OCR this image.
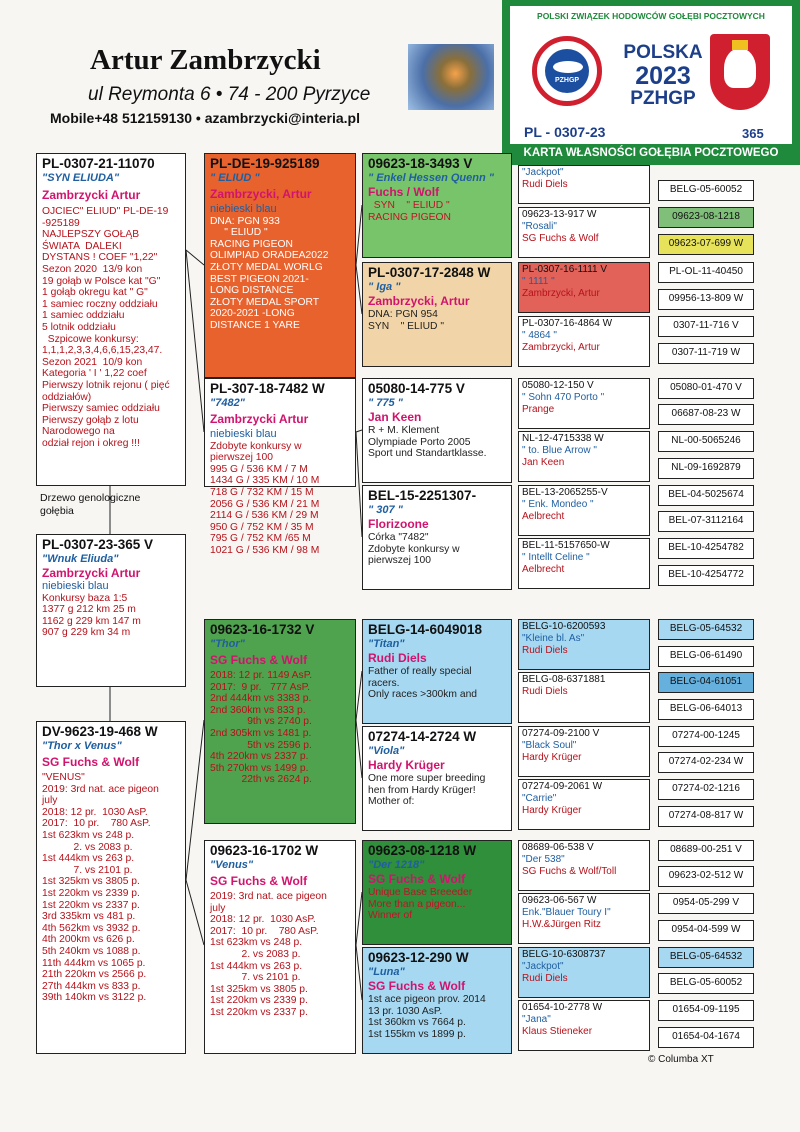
Artur Zambrzycki
ul Reymonta 6 • 74 - 200 Pyrzyce
Mobile+48 512159130 • azambrzycki@interia.pl
POLSKI ZWIĄZEK HODOWCÓW GOŁĘBI POCZTOWYCH
PZHGP
POLSKA
2023
PZHGP
PL - 0307-23	365
KARTA WŁASNOŚCI GOŁĘBIA POCZTOWEGO
PL-0307-23-365 V
"Wnuk Eliuda"
Zambrzycki Artur
niebieski blau
Konkursy baza 1:5
1377 g 212 km 25 m
1162 g 229 km 147 m
907 g 229 km 34 m
Drzewo genologiczne gołębia
PL-0307-21-11070
"SYN ELIUDA"
Zambrzycki Artur
OJCIEC" ELIUD" PL-DE-19
-925189
NAJLEPSZY GOŁĄB
ŚWIATA  DALEKI
DYSTANS ! COEF "1,22"
Sezon 2020  13/9 kon
19 gołąb w Polsce kat "G"
1 gołąb okregu kat " G"
1 samiec roczny oddziału
1 samiec oddziału
5 lotnik oddziału
Szpicowe konkursy:
1,1,1,2,3,3,4,6,6,15,23,47.
Sezon 2021  10/9 kon
Kategoria ' I ' 1,22 coef
Pierwszy lotnik rejonu ( pięć
oddziałów)
Pierwszy samiec oddziału
Pierwszy gołąb z lotu
Narodowego na
odział rejon i okreg !!!
DV-9623-19-468 W
"Thor x Venus"
SG Fuchs & Wolf
"VENUS"
2019: 3rd nat. ace pigeon
july
2018: 12 pr.  1030 AsP.
2017:  10 pr.    780 AsP.
1st 623km vs 248 p.
2. vs 2083 p.
1st 444km vs 263 p.
7. vs 2101 p.
1st 325km vs 3805 p.
1st 220km vs 2339 p.
1st 220km vs 2337 p.
3rd 335km vs 481 p.
4th 562km vs 3932 p.
4th 200km vs 626 p.
5th 240km vs 1088 p.
11th 444km vs 1065 p.
21th 220km vs 2566 p.
27th 444km vs 833 p.
39th 140km vs 3122 p.
PL-DE-19-925189
" ELIUD "
Zambrzycki, Artur
niebieski blau
DNA: PGN 933
" ELIUD "
RACING PIGEON
OLIMPIAD ORADEA2022
ZŁOTY MEDAL WORLG
BEST PIGEON 2021-
LONG DISTANCE
ZŁOTY MEDAL SPORT
2020-2021 -LONG
DISTANCE 1 YARE
PL-307-18-7482 W
"7482"
Zambrzycki Artur
niebieski blau
Zdobyte konkursy w
pierwszej 100
995 G / 536 KM / 7 M
1434 G / 335 KM / 10 M
718 G / 732 KM / 15 M
2056 G / 536 KM / 21 M
2114 G / 536 KM / 29 M
950 G / 752 KM / 35 M
795 G / 752 KM /65 M
1021 G / 536 KM / 98 M
09623-16-1732 V
"Thor"
SG Fuchs & Wolf
2018: 12 pr. 1149 AsP.
2017:  9 pr.   777 AsP.
2nd 444km vs 3383 p.
2nd 360km vs 833 p.
9th vs 2740 p.
2nd 305km vs 1481 p.
5th vs 2596 p.
4th 220km vs 2337 p.
5th 270km vs 1499 p.
22th vs 2624 p.
09623-16-1702 W
"Venus"
SG Fuchs & Wolf
2019: 3rd nat. ace pigeon
july
2018: 12 pr.  1030 AsP.
2017:  10 pr.    780 AsP.
1st 623km vs 248 p.
2. vs 2083 p.
1st 444km vs 263 p.
7. vs 2101 p.
1st 325km vs 3805 p.
1st 220km vs 2339 p.
1st 220km vs 2337 p.
09623-18-3493 V
" Enkel Hessen Quenn "
Fuchs / Wolf
SYN    " ELIUD "
RACING PIGEON
PL-0307-17-2848 W
" Iga "
Zambrzycki, Artur
DNA: PGN 954
SYN    " ELIUD "
05080-14-775 V
" 775 "
Jan Keen
R + M. Klement
Olympiade Porto 2005
Sport und Standartklasse.
BEL-15-2251307-
" 307 "
Florizoone
Córka "7482"
Zdobyte konkursy w
pierwszej 100
BELG-14-6049018
"Titan"
Rudi Diels
Father of really special
racers.
Only races >300km and
07274-14-2724 W
"Viola"
Hardy Krüger
One more super breeding
hen from Hardy Krüger!
Mother of:
09623-08-1218 W
"Der 1218"
SG Fuchs & Wolf
Unique Base Breeeder
More than a pigeon...
Winner of
09623-12-290 W
"Luna"
SG Fuchs & Wolf
1st ace pigeon prov. 2014
13 pr. 1030 AsP.
1st 360km vs 7664 p.
1st 155km vs 1899 p.
"Jackpot"
Rudi Diels
09623-13-917 W
"Rosali"
SG Fuchs & Wolf
PL-0307-16-1111 V
" 1111 "
Zambrzycki, Artur
PL-0307-16-4864 W
" 4864 "
Zambrzycki, Artur
05080-12-150 V
" Sohn 470 Porto "
Prange
NL-12-4715338 W
" to. Blue Arrow "
Jan Keen
BEL-13-2065255-V
" Enk. Mondeo "
Aelbrecht
BEL-11-5157650-W
" Intellt Celine "
Aelbrecht
BELG-10-6200593
"Kleine bl. As"
Rudi Diels
BELG-08-6371881
Rudi Diels
07274-09-2100 V
"Black Soul"
Hardy Krüger
07274-09-2061 W
"Carrie"
Hardy Krüger
08689-06-538 V
"Der 538"
SG Fuchs & Wolf/Toll
09623-06-567 W
Enk."Blauer Toury I"
H.W.&Jürgen Ritz
BELG-10-6308737
"Jackpot"
Rudi Diels
01654-10-2778 W
"Jana"
Klaus Stieneker
BELG-05-60052
09623-08-1218
09623-07-699 W
PL-OL-11-40450
09956-13-809 W
0307-11-716 V
0307-11-719 W
05080-01-470 V
06687-08-23 W
NL-00-5065246
NL-09-1692879
BEL-04-5025674
BEL-07-3112164
BEL-10-4254782
BEL-10-4254772
BELG-05-64532
BELG-06-61490
BELG-04-61051
BELG-06-64013
07274-00-1245
07274-02-234 W
07274-02-1216
07274-08-817 W
08689-00-251 V
09623-02-512 W
0954-05-299 V
0954-04-599 W
BELG-05-64532
BELG-05-60052
01654-09-1195
01654-04-1674
© Columba XT
